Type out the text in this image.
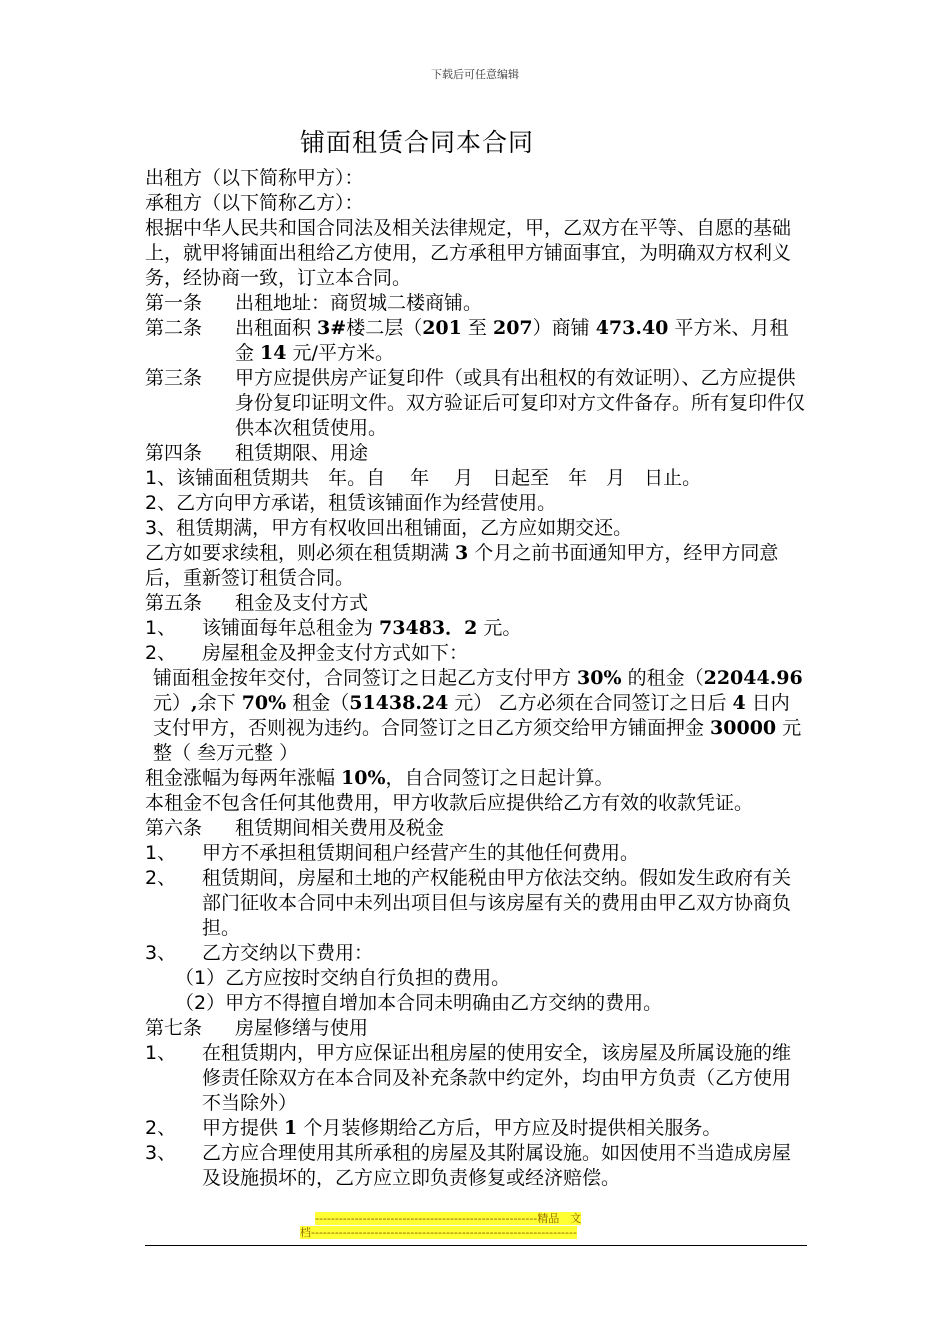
下载后可任意编辑
铺面租赁合同本合同

出租方（以下简称甲方）：

承租方（以下简称乙方）：

根据中华人民共和国合同法及相关法律规定，甲，乙双方在平等、自愿的基础上，就甲将铺面出租给乙方使用，乙方承租甲方铺面事宜，为明确双方权利义务，经协商一致，订立本合同。

第一条	出租地址：商贸城二楼商铺。
第二条	出租面积 3#楼二层（201 至 207）商铺 473.40 平方米、月租金 14 元/平方米。
第三条	甲方应提供房产证复印件（或具有出租权的有效证明）、乙方应提供身份复印证明文件。双方验证后可复印对方文件备存。所有复印件仅供本次租赁使用。
第四条	租赁期限、用途

1、该铺面租赁期共　年。自　 年　 月　日起至　年　月　日止。

2、乙方向甲方承诺，租赁该铺面作为经营使用。

3、租赁期满，甲方有权收回出租铺面，乙方应如期交还。

乙方如要求续租，则必须在租赁期满 3 个月之前书面通知甲方，经甲方同意后，重新签订租赁合同。

第五条	租金及支付方式
1、	该铺面每年总租金为 73483．2 元。
2、	房屋租金及押金支付方式如下：

铺面租金按年交付，合同签订之日起乙方支付甲方 30% 的租金（22044.96 元）,余下 70% 租金（51438.24 元） 乙方必须在合同签订之日后 4 日内支付甲方，否则视为违约。合同签订之日乙方须交给甲方铺面押金 30000 元整（ 叁万元整 ）

租金涨幅为每两年涨幅 10%，自合同签订之日起计算。

本租金不包含任何其他费用，甲方收款后应提供给乙方有效的收款凭证。

第六条	租赁期间相关费用及税金
1、	甲方不承担租赁期间租户经营产生的其他任何费用。
2、	租赁期间，房屋和土地的产权能税由甲方依法交纳。假如发生政府有关部门征收本合同中未列出项目但与该房屋有关的费用由甲乙双方协商负担。
3、	乙方交纳以下费用：

（1）乙方应按时交纳自行负担的费用。

（2）甲方不得擅自增加本合同未明确由乙方交纳的费用。

第七条	房屋修缮与使用
1、	在租赁期内，甲方应保证出租房屋的使用安全，该房屋及所属设施的维修责任除双方在本合同及补充条款中约定外，均由甲方负责（乙方使用不当除外）
2、	甲方提供 1 个月装修期给乙方后，甲方应及时提供相关服务。
3、	乙方应合理使用其所承租的房屋及其附属设施。如因使用不当造成房屋及设施损坏的，乙方应立即负责修复或经济赔偿。
--------------------------------------------------------精品　文
档-------------------------------------------------------------------
